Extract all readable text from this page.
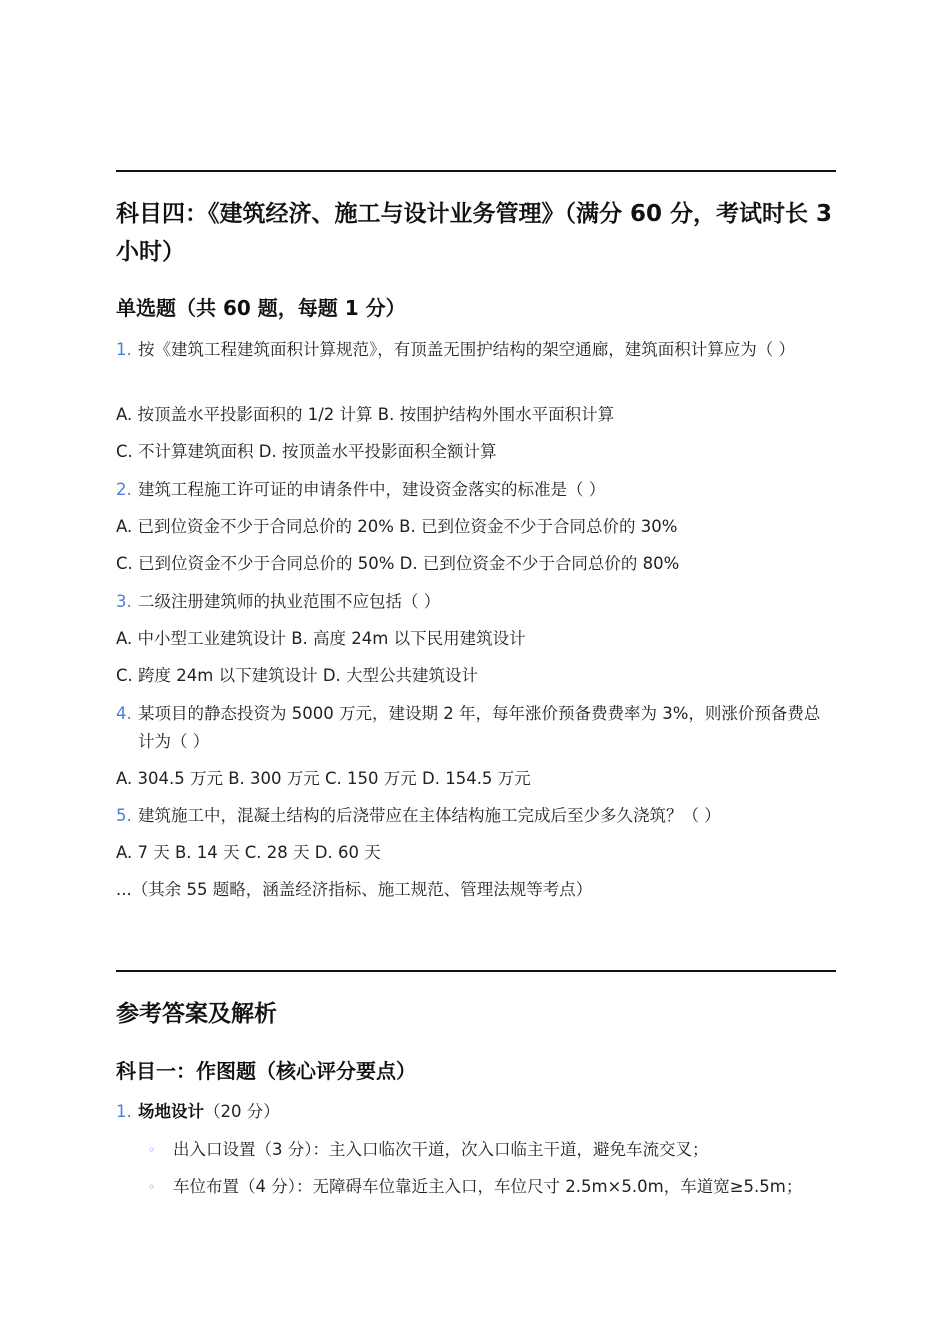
科目四：《建筑经济、施工与设计业务管理》（满分 60 分，考试时长 3 小时）
单选题（共 60 题，每题 1 分）
1. 按《建筑工程建筑面积计算规范》，有顶盖无围护结构的架空通廊，建筑面积计算应为（ ）
A. 按顶盖水平投影面积的 1/2 计算 B. 按围护结构外围水平面积计算
C. 不计算建筑面积 D. 按顶盖水平投影面积全额计算
2. 建筑工程施工许可证的申请条件中，建设资金落实的标准是（ ）
A. 已到位资金不少于合同总价的 20% B. 已到位资金不少于合同总价的 30%
C. 已到位资金不少于合同总价的 50% D. 已到位资金不少于合同总价的 80%
3. 二级注册建筑师的执业范围不应包括（ ）
A. 中小型工业建筑设计 B. 高度 24m 以下民用建筑设计
C. 跨度 24m 以下建筑设计 D. 大型公共建筑设计
4. 某项目的静态投资为 5000 万元，建设期 2 年，每年涨价预备费费率为 3%，则涨价预备费总计为（ ）
A. 304.5 万元 B. 300 万元 C. 150 万元 D. 154.5 万元
5. 建筑施工中，混凝土结构的后浇带应在主体结构施工完成后至少多久浇筑？（ ）
A. 7 天 B. 14 天 C. 28 天 D. 60 天
...（其余 55 题略，涵盖经济指标、施工规范、管理法规等考点）
参考答案及解析
科目一：作图题（核心评分要点）
1. 场地设计（20 分）
◦ 出入口设置（3 分）：主入口临次干道，次入口临主干道，避免车流交叉；
◦ 车位布置（4 分）：无障碍车位靠近主入口，车位尺寸 2.5m×5.0m，车道宽≥5.5m；
